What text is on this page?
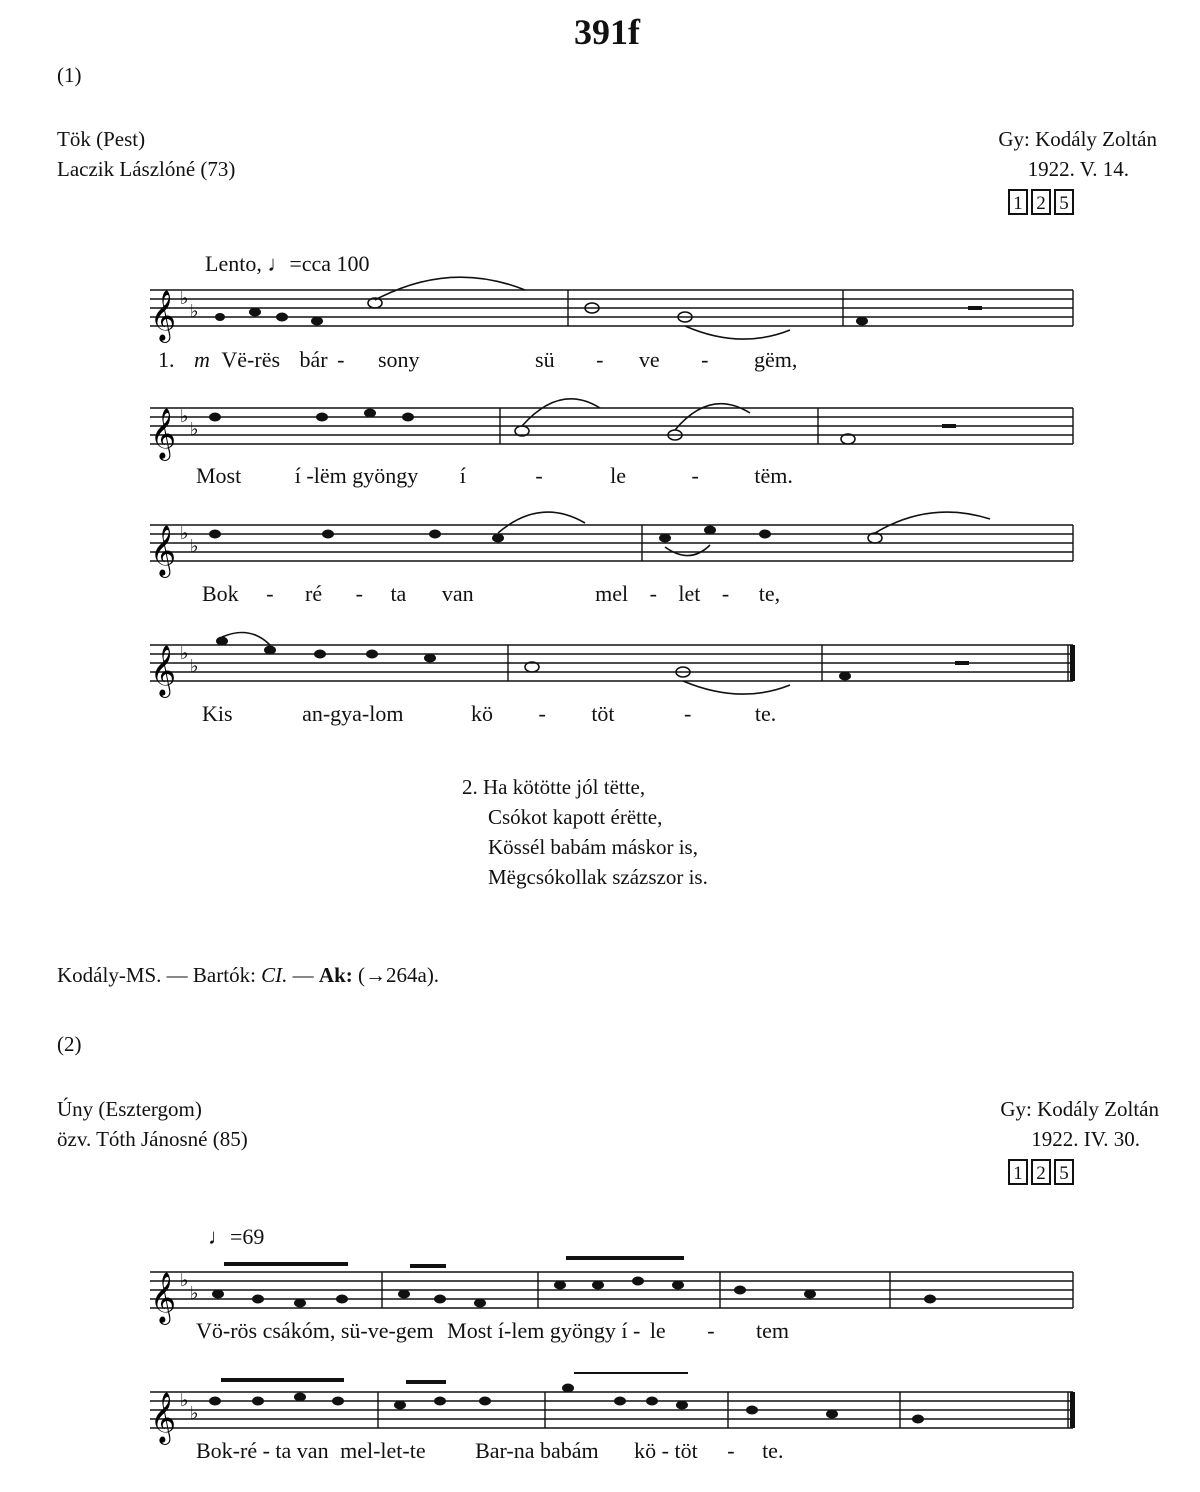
391f
(1)
Tök (Pest)
Laczik Lászlóné (73)
Gy: Kodály Zoltán
1922. V. 14.
1 2 5
Lento, ♩=cca 100
𝄞 ♭
♭
1. m Vë-rës bár - sony	sü - ve - gëm,
𝄞 ♭
♭
Most í -lëm gyöngy í	-	le	-	tëm.
𝄞 ♭
♭
Bok - ré - ta van	mel - let - te,
𝄞 ♭
♭
Kis	an-gya-lom	kö - töt	-	te.
2. Ha kötötte jól tëtte,
Csókot kapott érëtte,
Kössél babám máskor is,
Mëgcsókollak százszor is.
Kodály-MS. — Bartók: CI. — Ak: (→264a).
(2)
Úny (Esztergom)
özv. Tóth Jánosné (85)
Gy: Kodály Zoltán
1922. IV. 30.
1 2 5
♩=69
𝄞 ♭
♭
Vö-rös csákóm, sü-ve-gem Most í-lem gyöngy í - le - tem
𝄞 ♭
♭
Bok-ré - ta van mel-let-te Bar-na babám kö - töt - te.
